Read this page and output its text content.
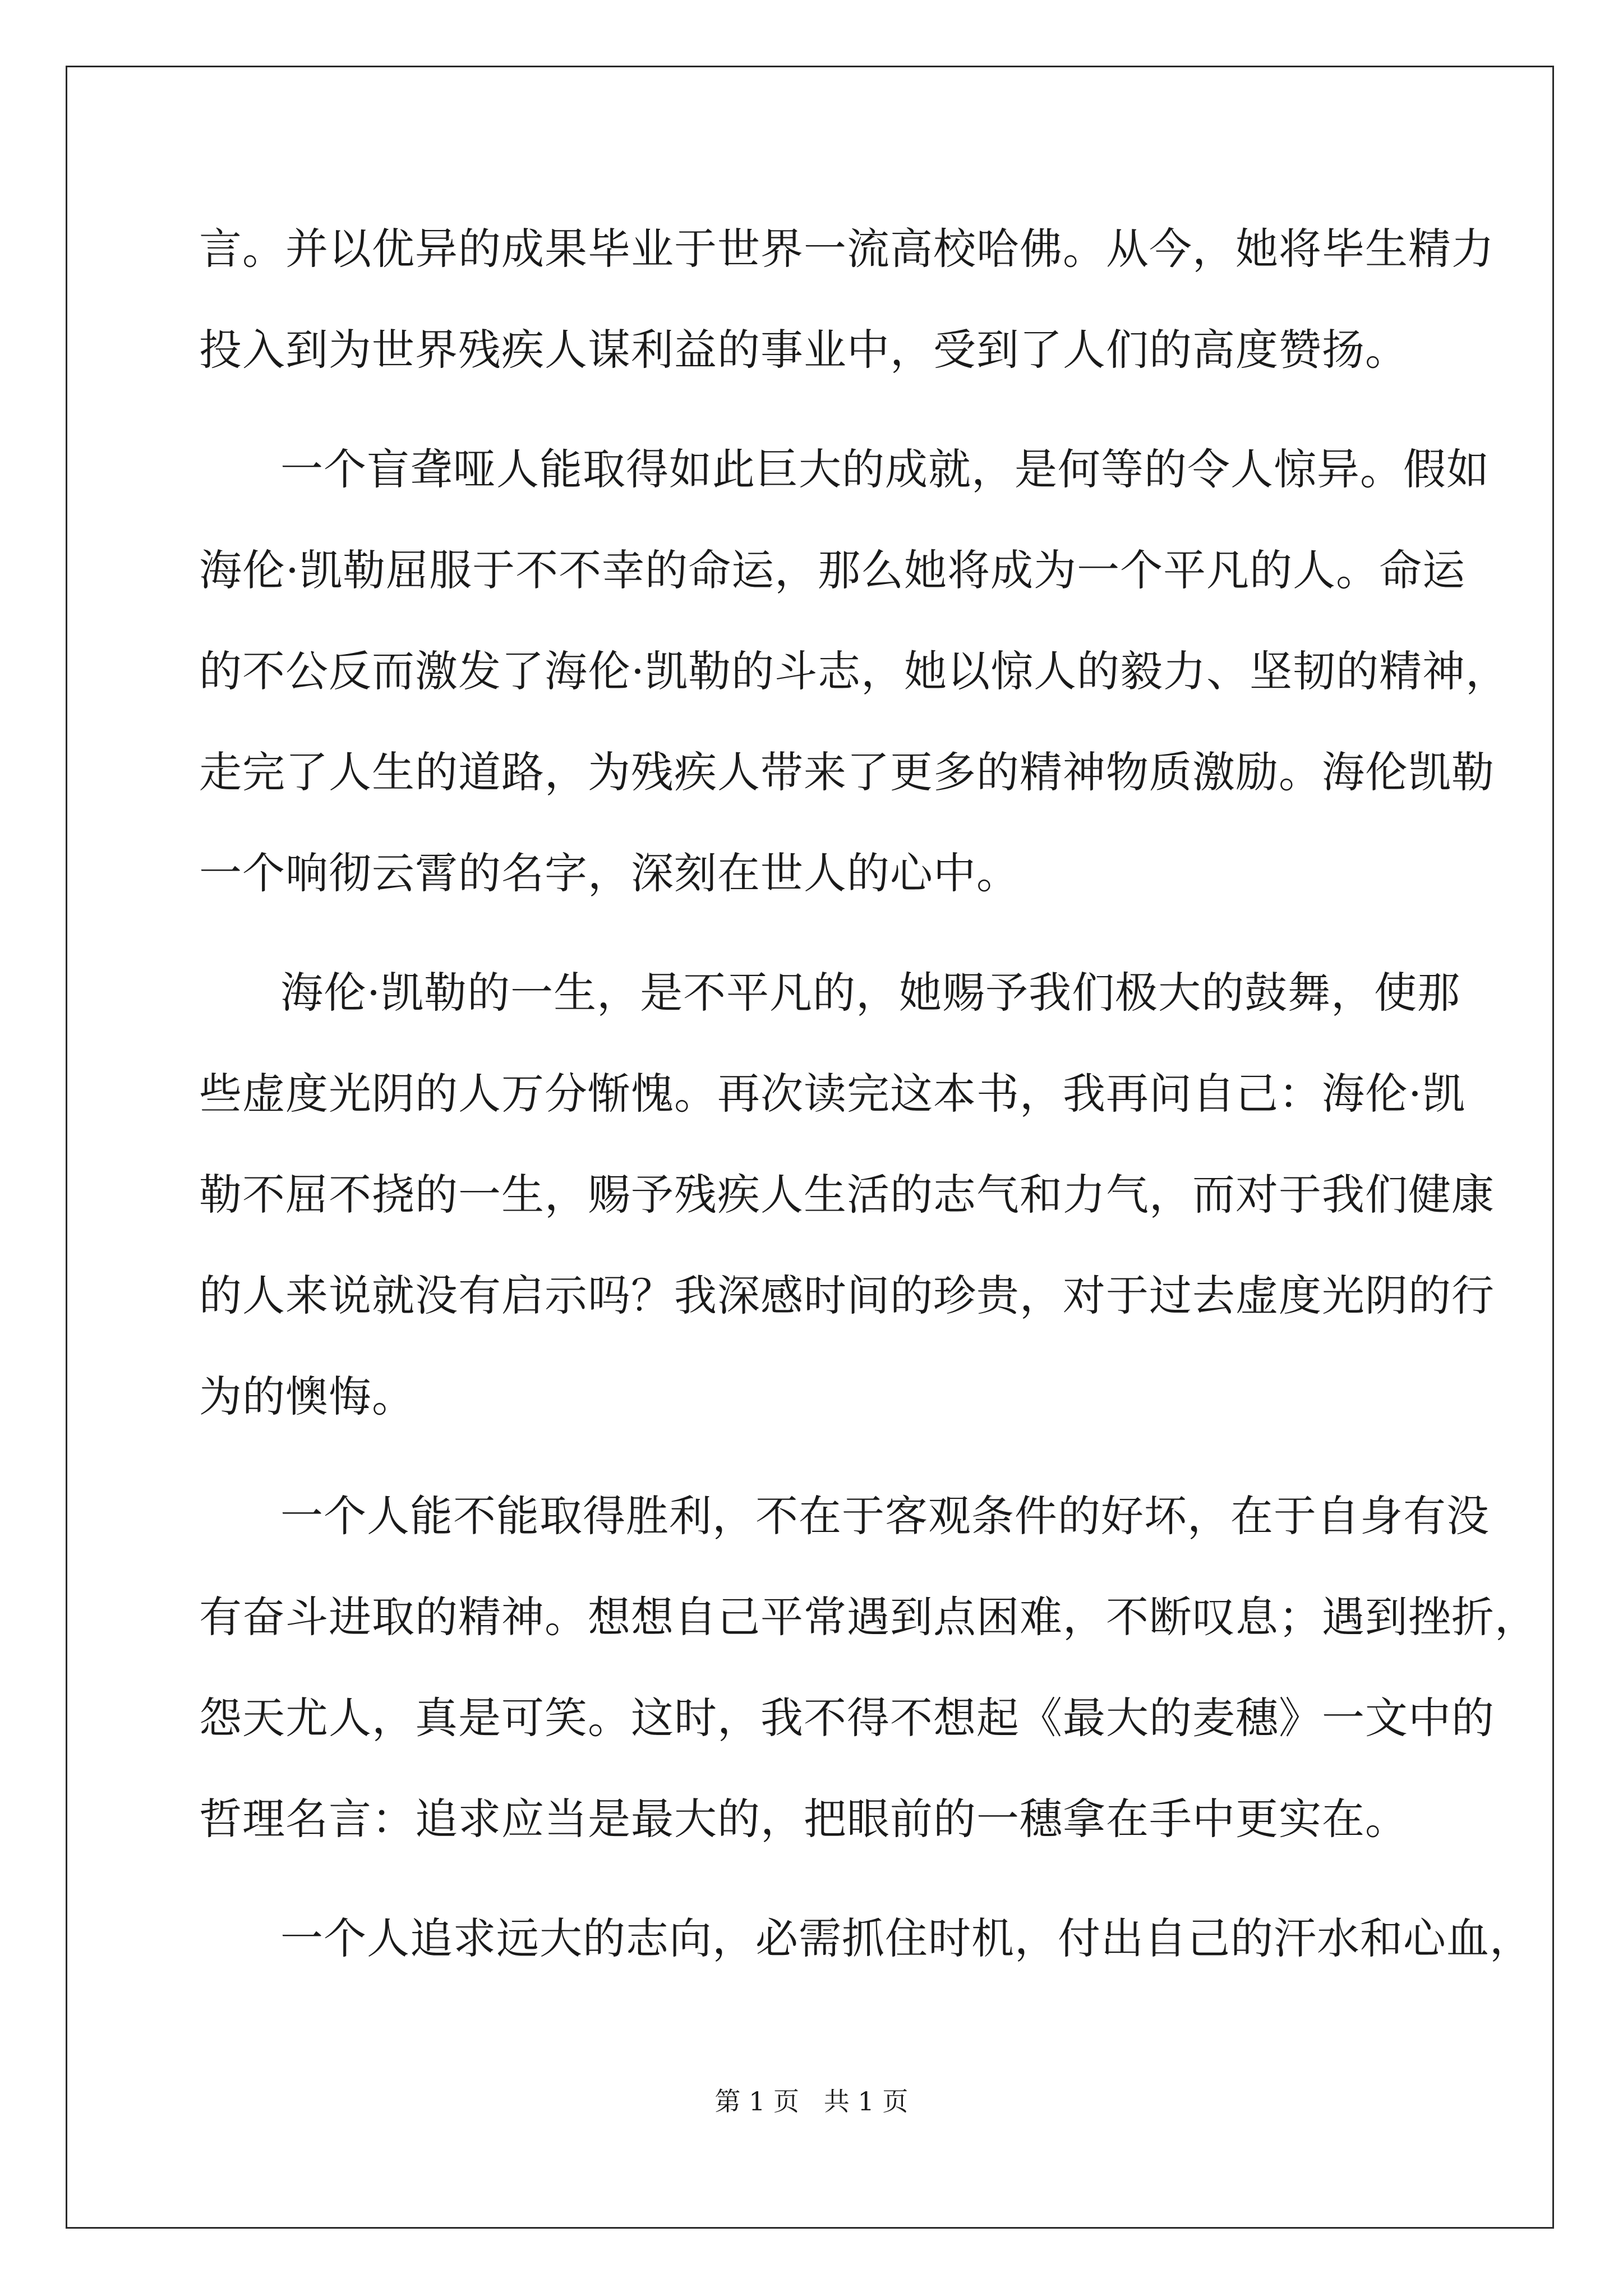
言。并以优异的成果毕业于世界一流高校哈佛。从今，她将毕生精力
投入到为世界残疾人谋利益的事业中，受到了人们的高度赞扬。
一个盲聋哑人能取得如此巨大的成就，是何等的令人惊异。假如
海伦·凯勒屈服于不不幸的命运，那么她将成为一个平凡的人。命运
的不公反而激发了海伦·凯勒的斗志，她以惊人的毅力、坚韧的精神，
走完了人生的道路，为残疾人带来了更多的精神物质激励。海伦凯勒
一个响彻云霄的名字，深刻在世人的心中。
海伦·凯勒的一生，是不平凡的，她赐予我们极大的鼓舞，使那
些虚度光阴的人万分惭愧。再次读完这本书，我再问自己：海伦·凯
勒不屈不挠的一生，赐予残疾人生活的志气和力气，而对于我们健康
的人来说就没有启示吗？我深感时间的珍贵，对于过去虚度光阴的行
为的懊悔。
一个人能不能取得胜利，不在于客观条件的好坏，在于自身有没
有奋斗进取的精神。想想自己平常遇到点困难，不断叹息；遇到挫折，
怨天尤人，真是可笑。这时，我不得不想起《最大的麦穗》一文中的
哲理名言：追求应当是最大的，把眼前的一穗拿在手中更实在。
一个人追求远大的志向，必需抓住时机，付出自己的汗水和心血，
第 1 页   共 1 页
